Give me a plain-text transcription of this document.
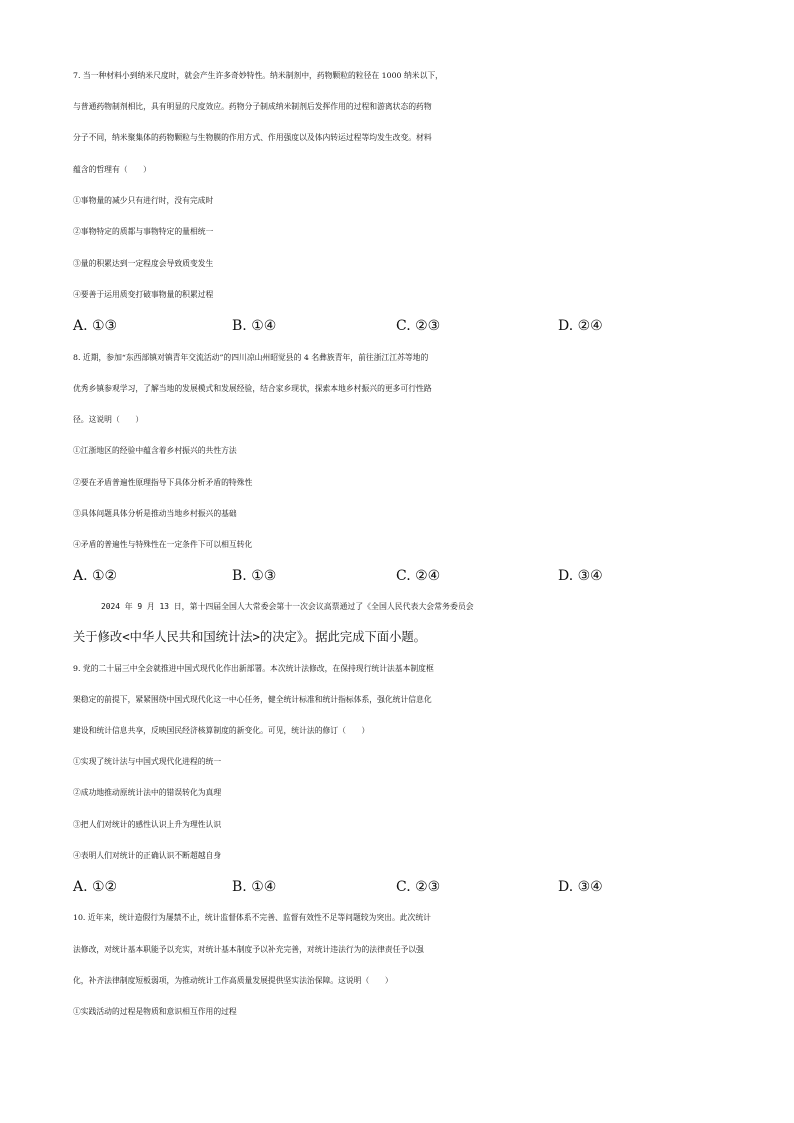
7. 当一种材料小到纳米尺度时，就会产生许多奇妙特性。纳米制剂中，药物颗粒的粒径在 1000 纳米以下，
与普通药物制剂相比，具有明显的尺度效应。药物分子制成纳米制剂后发挥作用的过程和游离状态的药物
分子不同，纳米聚集体的药物颗粒与生物膜的作用方式、作用强度以及体内转运过程等均发生改变。材料
蕴含的哲理有（　　）
①事物量的减少只有进行时，没有完成时
②事物特定的质都与事物特定的量相统一
③量的积累达到一定程度会导致质变发生
④要善于运用质变打破事物量的积累过程
A. ①③	B. ①④	C. ②③	D. ②④
8. 近期，参加“东西部镇对镇青年交流活动”的四川凉山州昭觉县的 4 名彝族青年，前往浙江江苏等地的
优秀乡镇参观学习，了解当地的发展模式和发展经验，结合家乡现状，探索本地乡村振兴的更多可行性路
径。这说明（　　）
①江浙地区的经验中蕴含着乡村振兴的共性方法
②要在矛盾普遍性原理指导下具体分析矛盾的特殊性
③具体问题具体分析是推动当地乡村振兴的基础
④矛盾的普遍性与特殊性在一定条件下可以相互转化
A. ①②	B. ①③	C. ②④	D. ③④
2024 年 9 月 13 日，第十四届全国人大常委会第十一次会议高票通过了《全国人民代表大会常务委员会
关于修改<中华人民共和国统计法>的决定》。据此完成下面小题。
9. 党的二十届三中全会就推进中国式现代化作出新部署。本次统计法修改，在保持现行统计法基本制度框
架稳定的前提下，紧紧围绕中国式现代化这一中心任务，健全统计标准和统计指标体系，强化统计信息化
建设和统计信息共享，反映国民经济核算制度的新变化。可见，统计法的修订（　　）
①实现了统计法与中国式现代化进程的统一
②成功地推动原统计法中的错误转化为真理
③把人们对统计的感性认识上升为理性认识
④表明人们对统计的正确认识不断超越自身
A. ①②	B. ①④	C. ②③	D. ③④
10. 近年来，统计造假行为屡禁不止，统计监督体系不完善、监督有效性不足等问题较为突出。此次统计
法修改，对统计基本职能予以充实，对统计基本制度予以补充完善，对统计违法行为的法律责任予以强
化，补齐法律制度短板弱项，为推动统计工作高质量发展提供坚实法治保障。这说明（　　）
①实践活动的过程是物质和意识相互作用的过程
